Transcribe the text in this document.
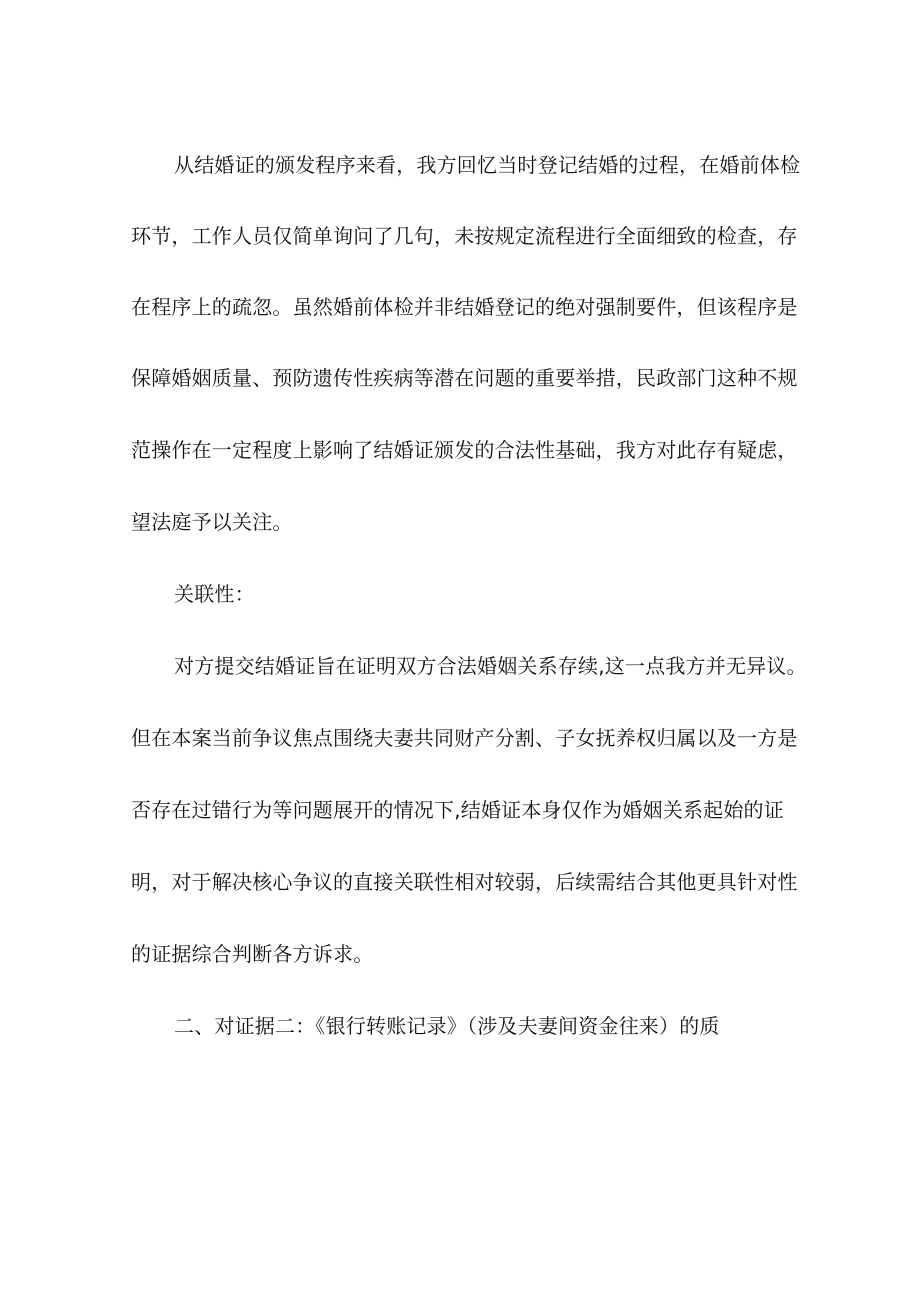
从结婚证的颁发程序来看，我方回忆当时登记结婚的过程，在婚前体检
环节，工作人员仅简单询问了几句，未按规定流程进行全面细致的检查，存
在程序上的疏忽。虽然婚前体检并非结婚登记的绝对强制要件，但该程序是
保障婚姻质量、预防遗传性疾病等潜在问题的重要举措，民政部门这种不规
范操作在一定程度上影响了结婚证颁发的合法性基础，我方对此存有疑虑，
望法庭予以关注。
关联性：
对方提交结婚证旨在证明双方合法婚姻关系存续,这一点我方并无异议。
但在本案当前争议焦点围绕夫妻共同财产分割、子女抚养权归属以及一方是
否存在过错行为等问题展开的情况下,结婚证本身仅作为婚姻关系起始的证
明，对于解决核心争议的直接关联性相对较弱，后续需结合其他更具针对性
的证据综合判断各方诉求。
二、对证据二：《银行转账记录》（涉及夫妻间资金往来）的质
